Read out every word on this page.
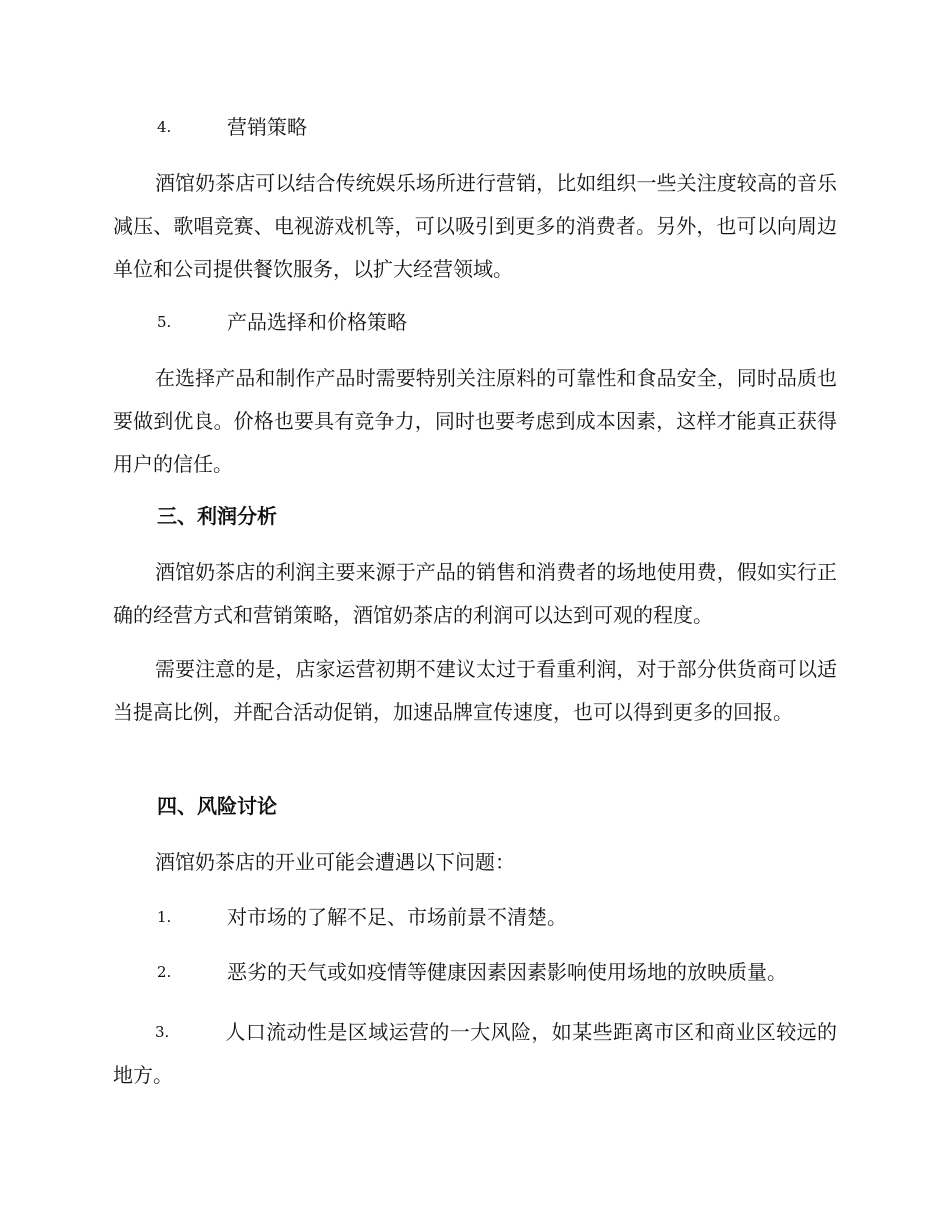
4.	营销策略

酒馆奶茶店可以结合传统娱乐场所进行营销，比如组织一些关注度较高的音乐减压、歌唱竞赛、电视游戏机等，可以吸引到更多的消费者。另外，也可以向周边单位和公司提供餐饮服务，以扩大经营领域。

5.	产品选择和价格策略

在选择产品和制作产品时需要特别关注原料的可靠性和食品安全，同时品质也要做到优良。价格也要具有竞争力，同时也要考虑到成本因素，这样才能真正获得用户的信任。

三、利润分析

酒馆奶茶店的利润主要来源于产品的销售和消费者的场地使用费，假如实行正确的经营方式和营销策略，酒馆奶茶店的利润可以达到可观的程度。

需要注意的是，店家运营初期不建议太过于看重利润，对于部分供货商可以适当提高比例，并配合活动促销，加速品牌宣传速度，也可以得到更多的回报。

四、风险讨论

酒馆奶茶店的开业可能会遭遇以下问题：

1.	对市场的了解不足、市场前景不清楚。
2.	恶劣的天气或如疫情等健康因素因素影响使用场地的放映质量。

3.	人口流动性是区域运营的一大风险，如某些距离市区和商业区较远的地方。
